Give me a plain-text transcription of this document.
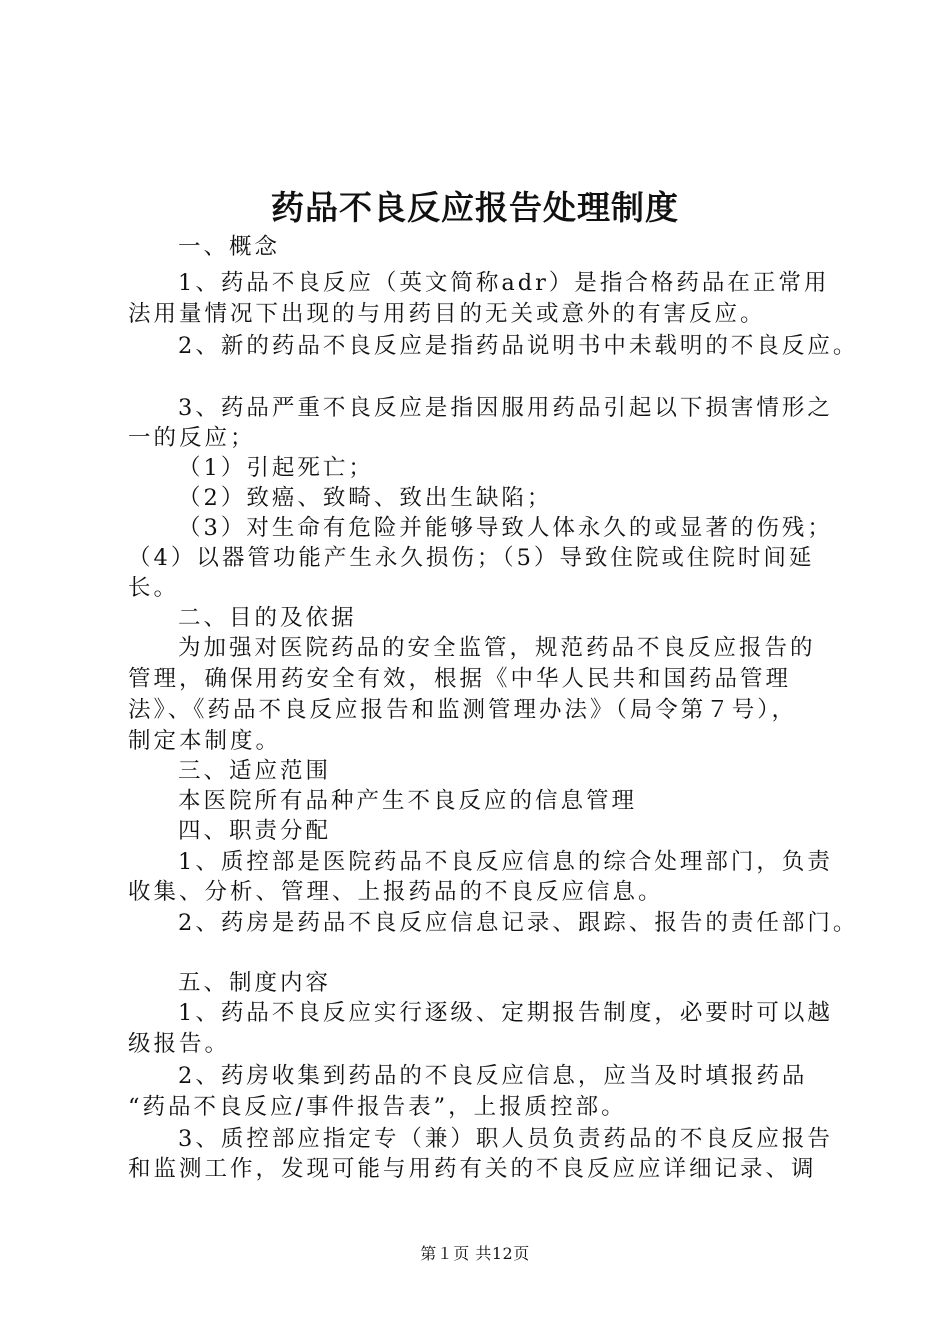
药品不良反应报告处理制度
一、概念
1、药品不良反应（英文简称adr）是指合格药品在正常用
法用量情况下出现的与用药目的无关或意外的有害反应。
2、新的药品不良反应是指药品说明书中未载明的不良反应。
3、药品严重不良反应是指因服用药品引起以下损害情形之
一的反应；
（1）引起死亡；
（2）致癌、致畸、致出生缺陷；
（3）对生命有危险并能够导致人体永久的或显著的伤残；
（4）以器管功能产生永久损伤；（5）导致住院或住院时间延
长。
二、目的及依据
为加强对医院药品的安全监管，规范药品不良反应报告的
管理，确保用药安全有效，根据《中华人民共和国药品管理
法》、《药品不良反应报告和监测管理办法》（局令第７号），
制定本制度。
三、适应范围
本医院所有品种产生不良反应的信息管理
四、职责分配
1、质控部是医院药品不良反应信息的综合处理部门，负责
收集、分析、管理、上报药品的不良反应信息。
2、药房是药品不良反应信息记录、跟踪、报告的责任部门。
五、制度内容
1、药品不良反应实行逐级、定期报告制度，必要时可以越
级报告。
2、药房收集到药品的不良反应信息，应当及时填报药品
“药品不良反应/事件报告表”，上报质控部。
3、质控部应指定专（兼）职人员负责药品的不良反应报告
和监测工作，发现可能与用药有关的不良反应应详细记录、调
第１页 共12页
